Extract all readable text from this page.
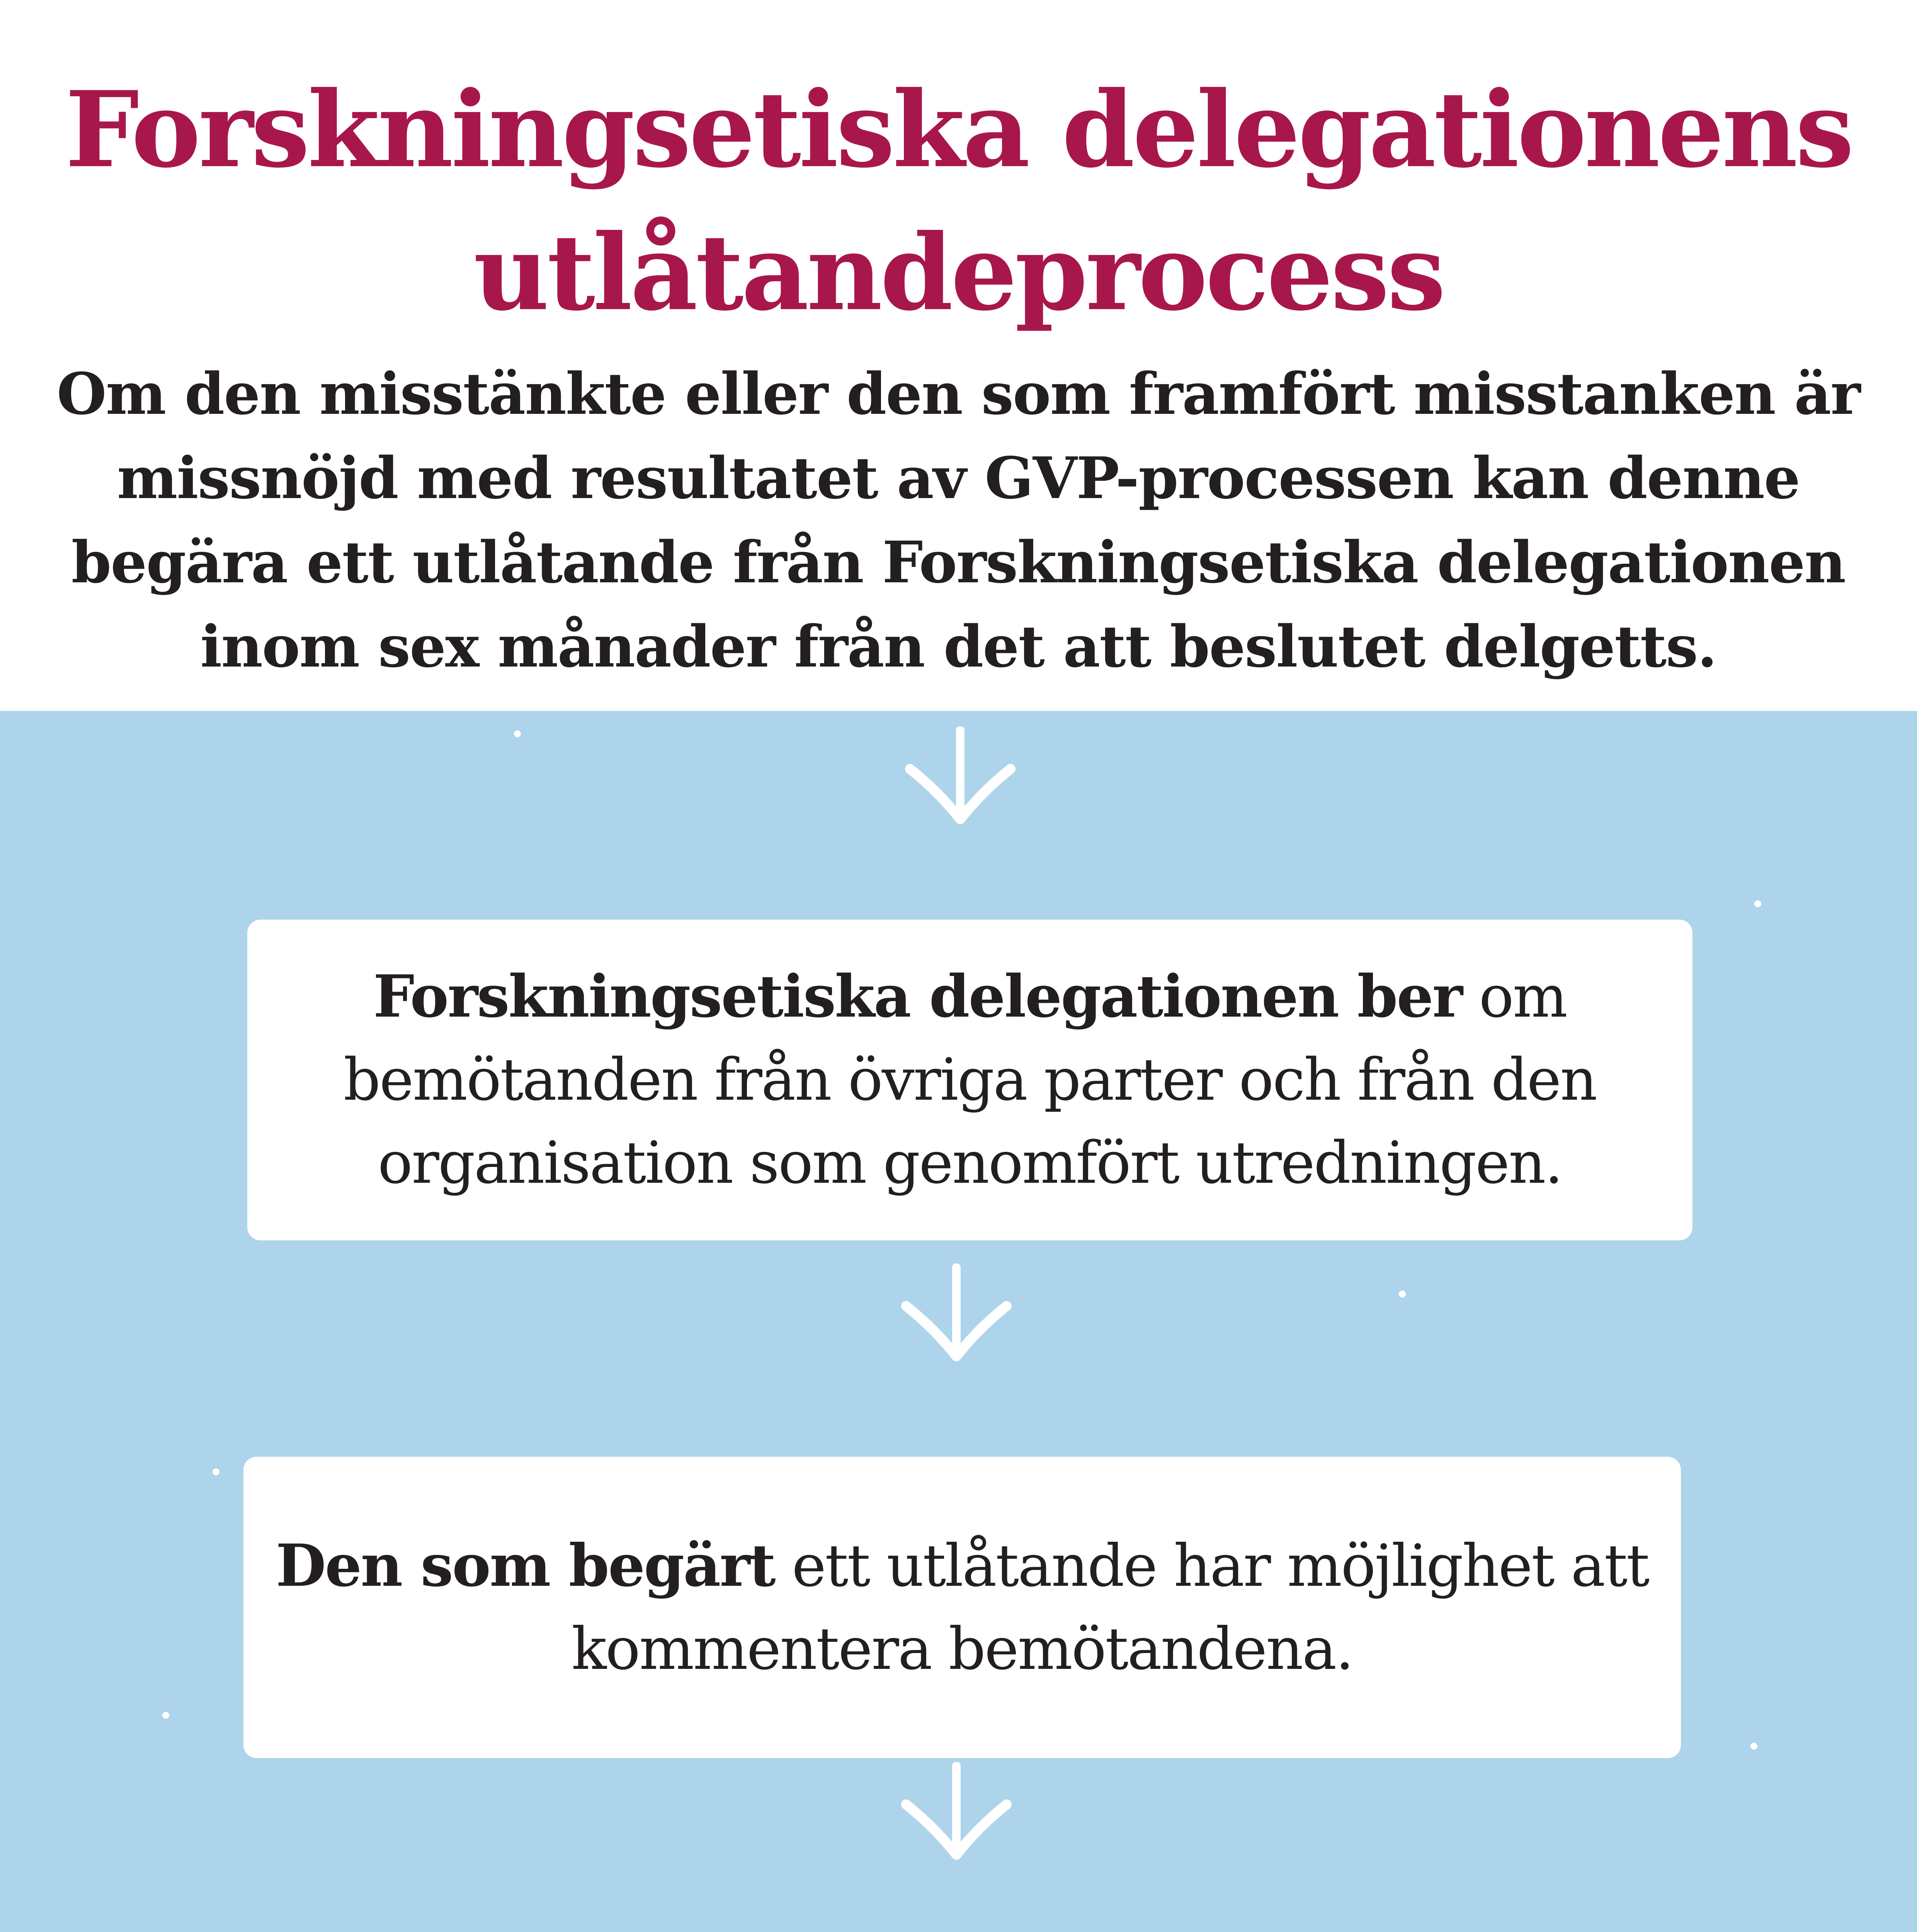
Forskningsetiska delegationens
utlåtandeprocess
Om den misstänkte eller den som framfört misstanken är missnöjd med resultatet av GVP-processen kan denne begära ett utlåtande från Forskningsetiska delegationen inom sex månader från det att beslutet delgetts.

Forskningsetiska delegationen ber om bemötanden från övriga parter och från den organisation som genomfört utredningen.

Den som begärt ett utlåtande har möjlighet att kommentera bemötandena.
